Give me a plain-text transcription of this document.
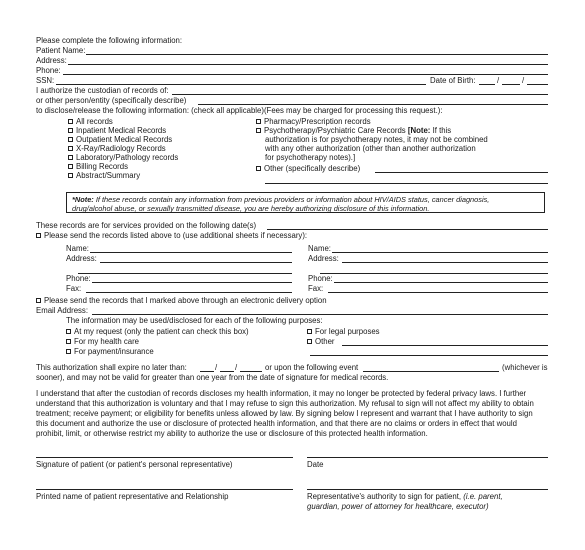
Please complete the following information:
Patient Name:
Address:
Phone:
SSN:	Date of Birth:	/	/
I authorize the custodian of records of:
or other person/entity (specifically describe)
to disclose/release the following information: (check all applicable)(Fees may be charged for processing this request.):
All records
Inpatient Medical Records
Outpatient Medical Records
X-Ray/Radiology Records
Laboratory/Pathology records
Billing Records
Abstract/Summary
Pharmacy/Prescription records
Psychotherapy/Psychiatric Care Records [Note: If this
authorization is for psychotherapy notes, it may not be combined
with any other authorization (other than another authorization
for psychotherapy notes).]
Other (specifically describe)
*Note: If these records contain any information from previous providers or information about HIV/AIDS status, cancer diagnosis,
drug/alcohol abuse, or sexually transmitted disease, you are hereby authorizing disclosure of this information.
These records are for services provided on the following date(s)
Please send the records listed above to (use additional sheets if necessary):
Name:
Address:
Phone:
Fax:
Name:
Address:
Phone:
Fax:
Please send the records that I marked above through an electronic delivery option
Email Address:
The information may be used/disclosed for each of the following purposes:
At my request (only the patient can check this box)
For my health care
For payment/insurance
For legal purposes
Other
This authorization shall expire no later than:	/ /	or upon the following event	(whichever is
sooner), and may not be valid for greater than one year from the date of signature for medical records.
I understand that after the custodian of records discloses my health information, it may no longer be protected by federal privacy laws. I further
understand that this authorization is voluntary and that I may refuse to sign this authorization. My refusal to sign will not affect my ability to obtain
treatment; receive payment; or eligibility for benefits unless allowed by law. By signing below I represent and warrant that I have authority to sign
this document and authorize the use or disclosure of protected health information, and that there are no claims or orders in effect that would
prohibit, limit, or otherwise restrict my ability to authorize the use or disclosure of this protected health information.
Signature of patient (or patient's personal representative)	Date
Printed name of patient representative and Relationship	Representative's authority to sign for patient, (i.e. parent,
guardian, power of attorney for healthcare, executor)
